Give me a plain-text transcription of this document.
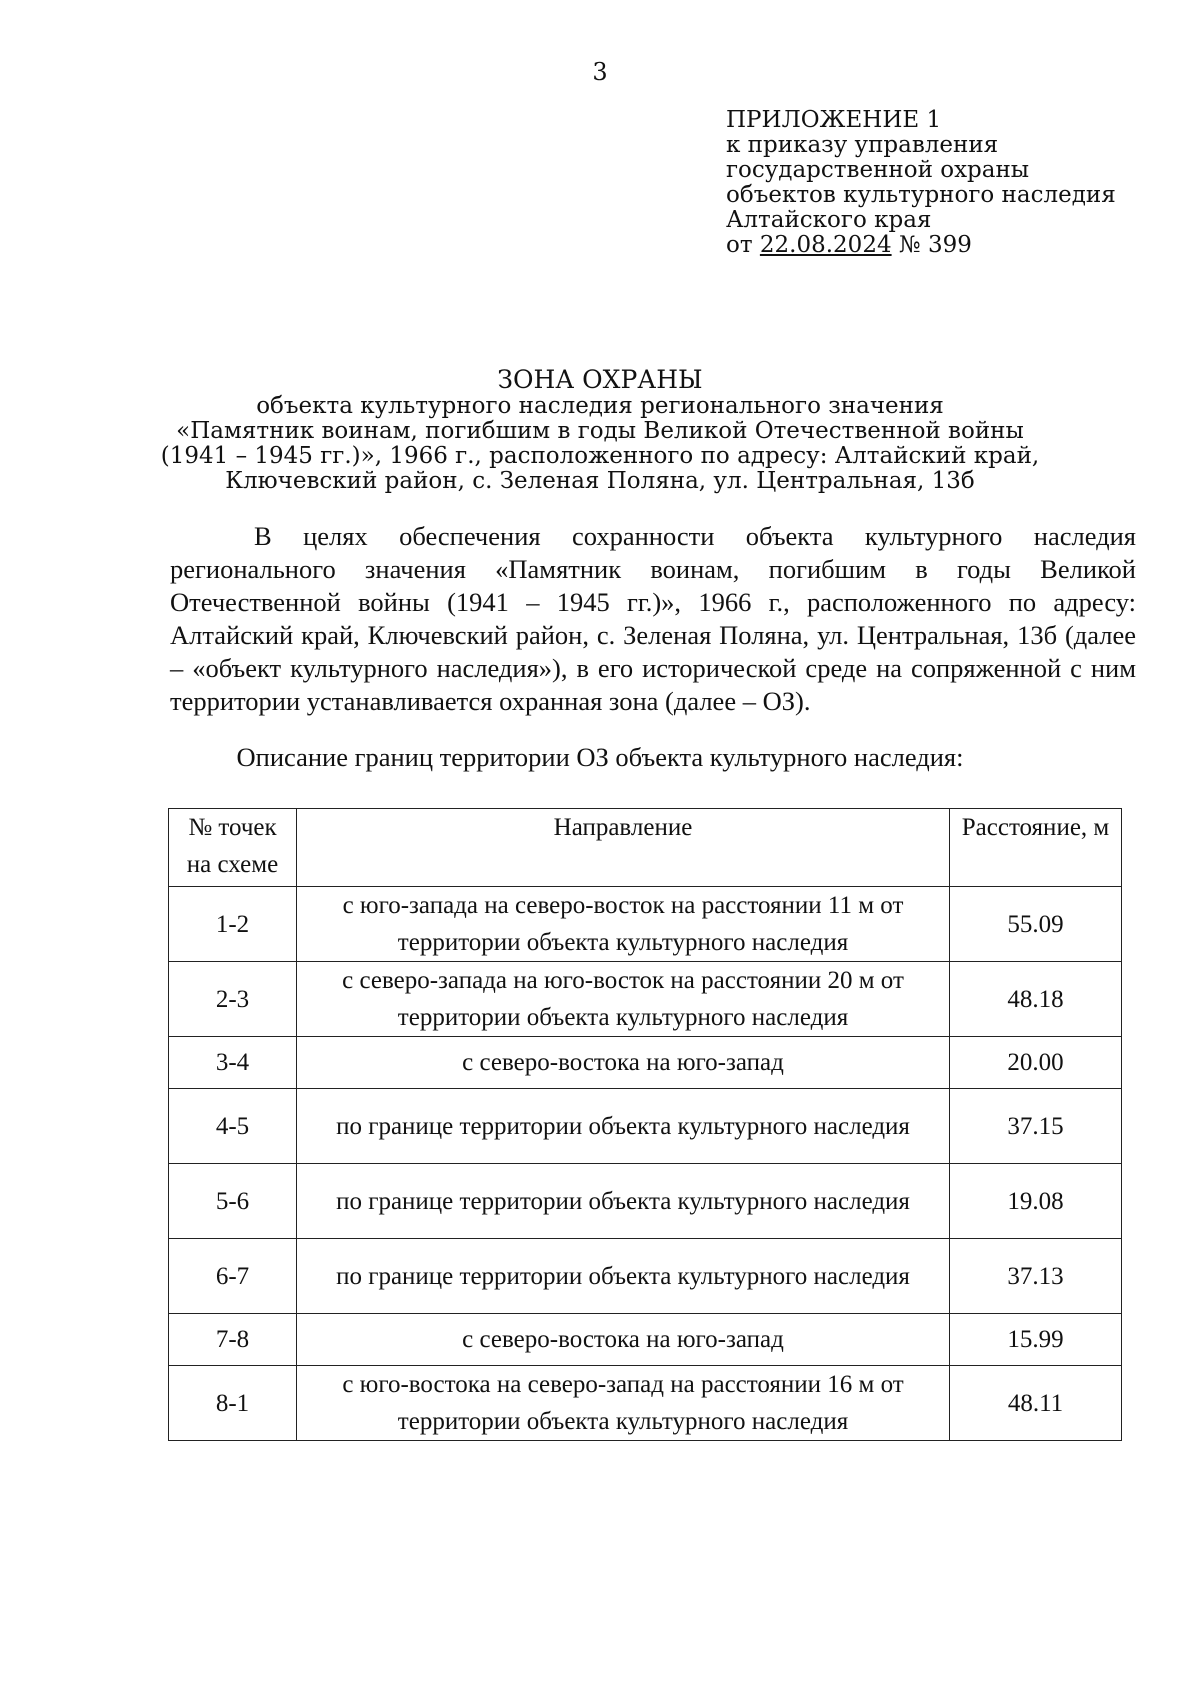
3
ПРИЛОЖЕНИЕ 1
к приказу управления
государственной охраны
объектов культурного наследия
Алтайского края
от 22.08.2024 № 399
ЗОНА ОХРАНЫ
объекта культурного наследия регионального значения
«Памятник воинам, погибшим в годы Великой Отечественной войны
(1941 – 1945 гг.)», 1966 г., расположенного по адресу: Алтайский край,
Ключевский район, с. Зеленая Поляна, ул. Центральная, 13б

В целях обеспечения сохранности объекта культурного наследия регионального значения «Памятник воинам, погибшим в годы Великой Отечественной войны (1941 – 1945 гг.)», 1966 г., расположенного по адресу: Алтайский край, Ключевский район, с. Зеленая Поляна, ул. Центральная, 13б (далее – «объект культурного наследия»), в его исторической среде на сопряженной с ним территории устанавливается охранная зона (далее – ОЗ).

Описание границ территории ОЗ объекта культурного наследия:
№ точек на схеме	Направление	Расстояние, м
1-2	с юго-запада на северо-восток на расстоянии 11 м от территории объекта культурного наследия	55.09
2-3	с северо-запада на юго-восток на расстоянии 20 м от территории объекта культурного наследия	48.18
3-4	с северо-востока на юго-запад	20.00
4-5	по границе территории объекта культурного наследия	37.15
5-6	по границе территории объекта культурного наследия	19.08
6-7	по границе территории объекта культурного наследия	37.13
7-8	с северо-востока на юго-запад	15.99
8-1	с юго-востока на северо-запад на расстоянии 16 м от территории объекта культурного наследия	48.11
